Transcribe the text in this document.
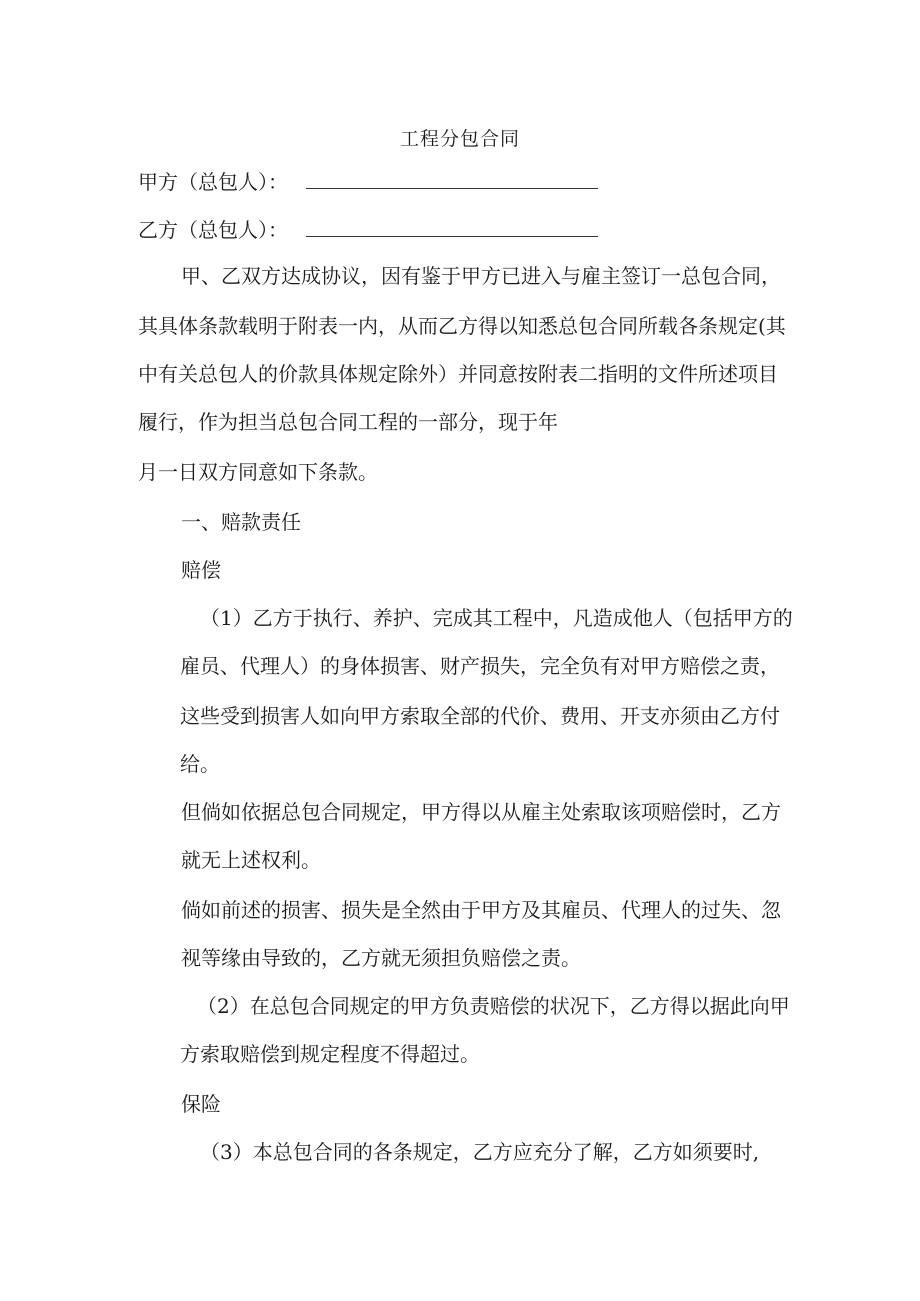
工程分包合同
甲方（总包人）：
乙方（总包人）：
甲、乙双方达成协议，因有鉴于甲方已进入与雇主签订一总包合同，
其具体条款载明于附表一内，从而乙方得以知悉总包合同所载各条规定(其
中有关总包人的价款具体规定除外）并同意按附表二指明的文件所述项目
履行，作为担当总包合同工程的一部分，现于年
月一日双方同意如下条款。
一、赔款责任
赔偿
（1）乙方于执行、养护、完成其工程中，凡造成他人（包括甲方的
雇员、代理人）的身体损害、财产损失，完全负有对甲方赔偿之责，
这些受到损害人如向甲方索取全部的代价、费用、开支亦须由乙方付
给。
但倘如依据总包合同规定，甲方得以从雇主处索取该项赔偿时，乙方
就无上述权利。
倘如前述的损害、损失是全然由于甲方及其雇员、代理人的过失、忽
视等缘由导致的，乙方就无须担负赔偿之责。
（2）在总包合同规定的甲方负责赔偿的状况下，乙方得以据此向甲
方索取赔偿到规定程度不得超过。
保险
（3）本总包合同的各条规定，乙方应充分了解，乙方如须要时,
